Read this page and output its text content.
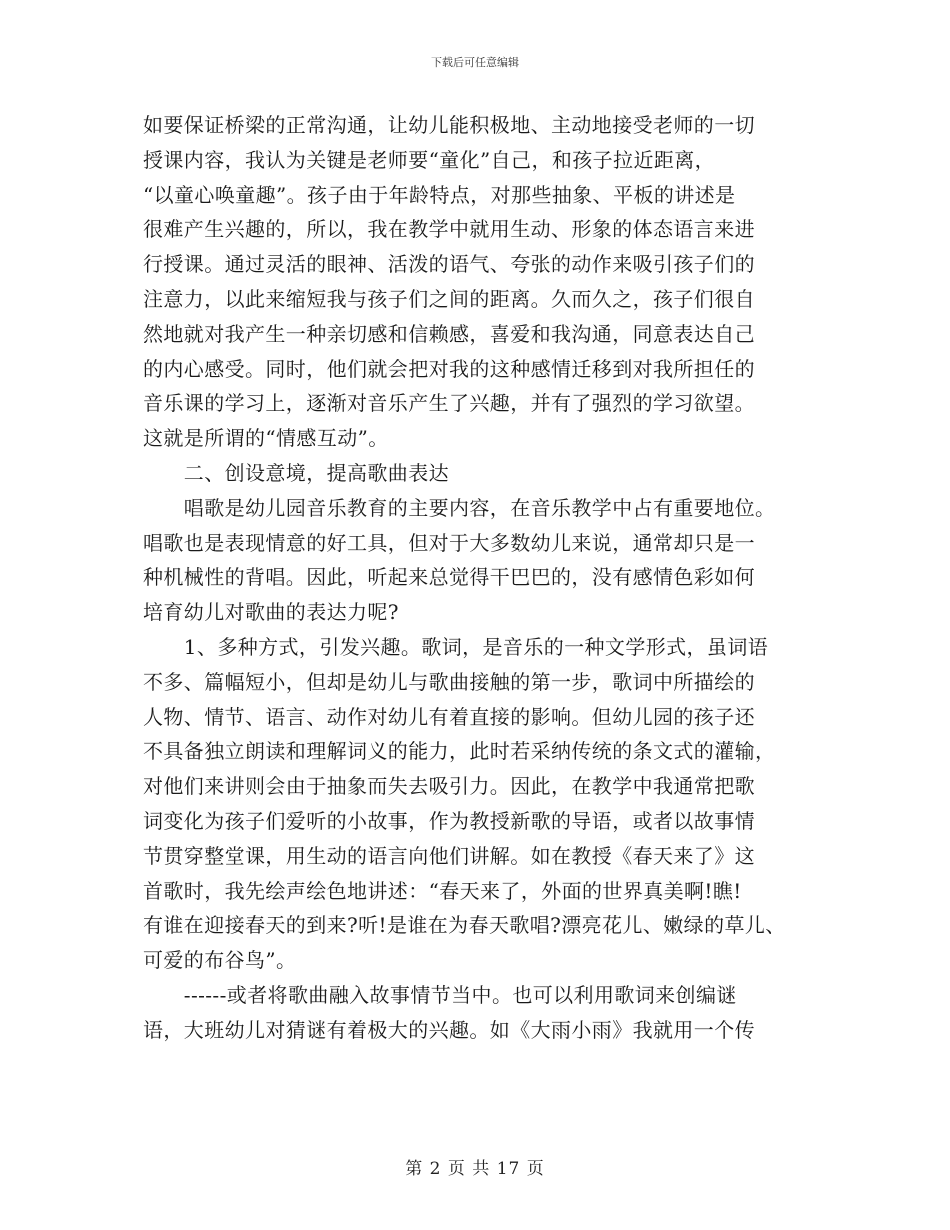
下载后可任意编辑
如要保证桥梁的正常沟通，让幼儿能积极地、主动地接受老师的一切
授课内容，我认为关键是老师要“童化”自己，和孩子拉近距离，
“以童心唤童趣”。孩子由于年龄特点，对那些抽象、平板的讲述是
很难产生兴趣的，所以，我在教学中就用生动、形象的体态语言来进
行授课。通过灵活的眼神、活泼的语气、夸张的动作来吸引孩子们的
注意力，以此来缩短我与孩子们之间的距离。久而久之，孩子们很自
然地就对我产生一种亲切感和信赖感，喜爱和我沟通，同意表达自己
的内心感受。同时，他们就会把对我的这种感情迁移到对我所担任的
音乐课的学习上，逐渐对音乐产生了兴趣，并有了强烈的学习欲望。
这就是所谓的“情感互动”。
　　二、创设意境，提高歌曲表达
　　唱歌是幼儿园音乐教育的主要内容，在音乐教学中占有重要地位。
唱歌也是表现情意的好工具，但对于大多数幼儿来说，通常却只是一
种机械性的背唱。因此，听起来总觉得干巴巴的，没有感情色彩如何
培育幼儿对歌曲的表达力呢?
　　1、多种方式，引发兴趣。歌词，是音乐的一种文学形式，虽词语
不多、篇幅短小，但却是幼儿与歌曲接触的第一步，歌词中所描绘的
人物、情节、语言、动作对幼儿有着直接的影响。但幼儿园的孩子还
不具备独立朗读和理解词义的能力，此时若采纳传统的条文式的灌输，
对他们来讲则会由于抽象而失去吸引力。因此，在教学中我通常把歌
词变化为孩子们爱听的小故事，作为教授新歌的导语，或者以故事情
节贯穿整堂课，用生动的语言向他们讲解。如在教授《春天来了》这
首歌时，我先绘声绘色地讲述：“春天来了，外面的世界真美啊!瞧!
有谁在迎接春天的到来?听!是谁在为春天歌唱?漂亮花儿、嫩绿的草儿、
可爱的布谷鸟”。
　　------或者将歌曲融入故事情节当中。也可以利用歌词来创编谜
语，大班幼儿对猜谜有着极大的兴趣。如《大雨小雨》我就用一个传
第 2 页 共 17 页
